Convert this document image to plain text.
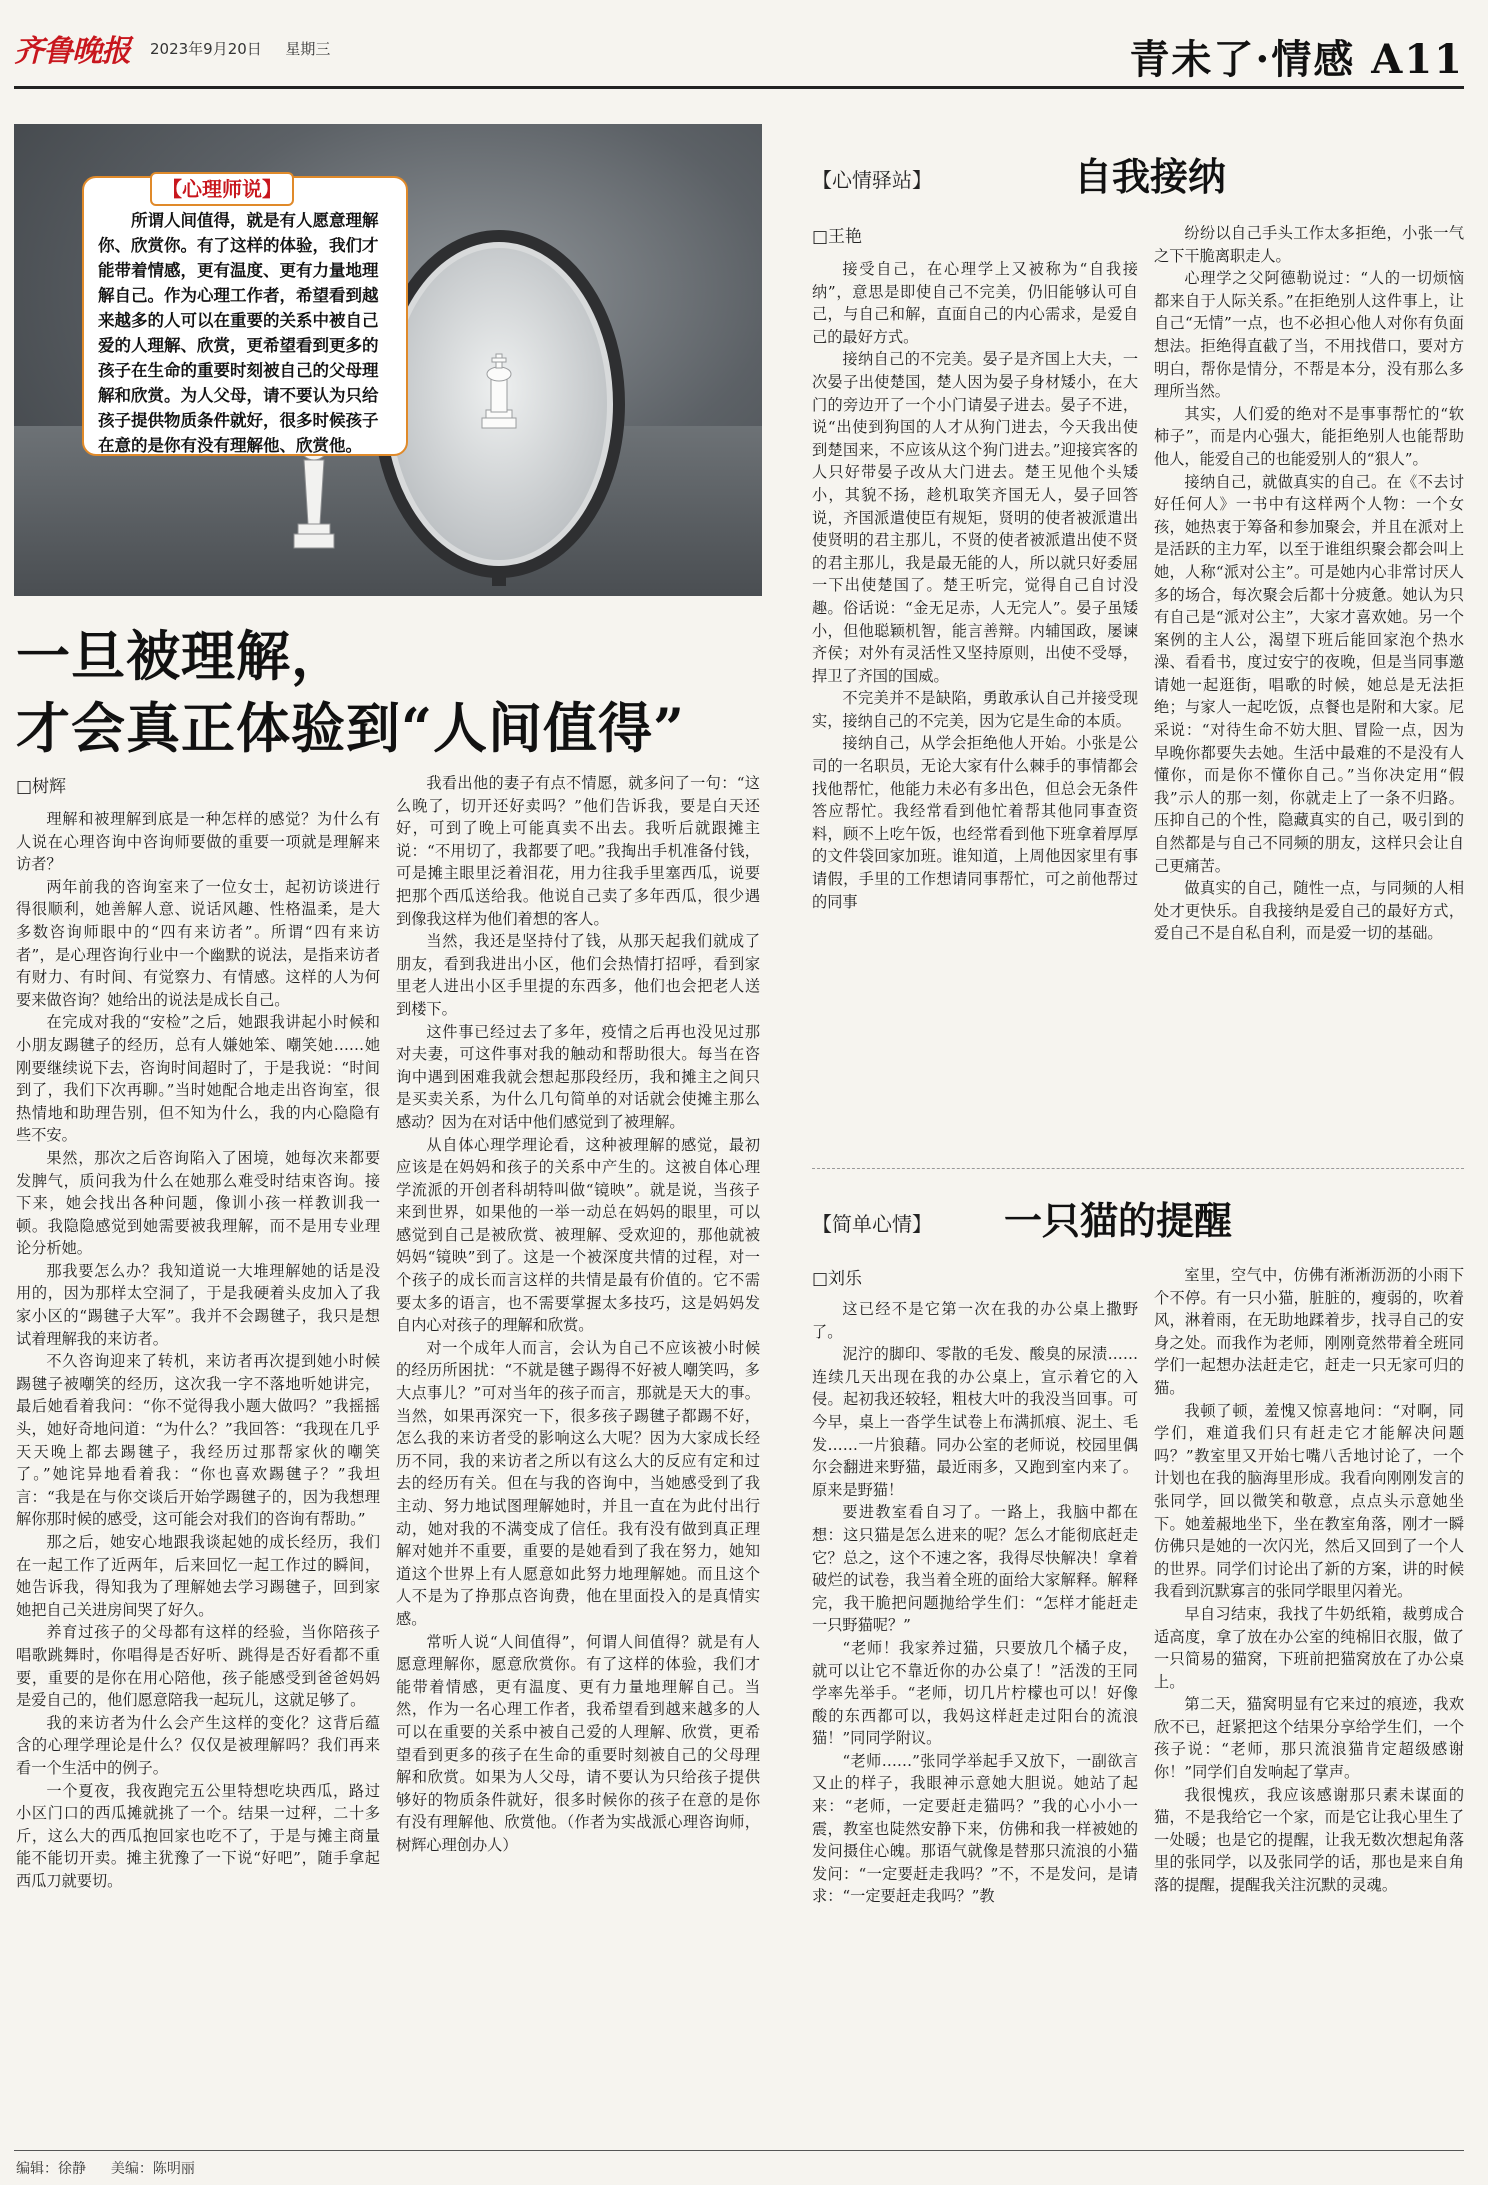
齐鲁晚报 2023年9月20日 星期三	青未了·情感 A11
所谓人间值得，就是有人愿意理解你、欣赏你。有了这样的体验，我们才能带着情感，更有温度、更有力量地理解自己。作为心理工作者，希望看到越来越多的人可以在重要的关系中被自己爱的人理解、欣赏，更希望看到更多的孩子在生命的重要时刻被自己的父母理解和欣赏。为人父母，请不要认为只给孩子提供物质条件就好，很多时候孩子在意的是你有没有理解他、欣赏他。
【心理师说】
一旦被理解，
才会真正体验到“人间值得”
□树辉

理解和被理解到底是一种怎样的感觉？为什么有人说在心理咨询中咨询师要做的重要一项就是理解来访者？

两年前我的咨询室来了一位女士，起初访谈进行得很顺利，她善解人意、说话风趣、性格温柔，是大多数咨询师眼中的“四有来访者”。所谓“四有来访者”，是心理咨询行业中一个幽默的说法，是指来访者有财力、有时间、有觉察力、有情感。这样的人为何要来做咨询？她给出的说法是成长自己。

在完成对我的“安检”之后，她跟我讲起小时候和小朋友踢毽子的经历，总有人嫌她笨、嘲笑她……她刚要继续说下去，咨询时间超时了，于是我说：“时间到了，我们下次再聊。”当时她配合地走出咨询室，很热情地和助理告别，但不知为什么，我的内心隐隐有些不安。

果然，那次之后咨询陷入了困境，她每次来都要发脾气，质问我为什么在她那么难受时结束咨询。接下来，她会找出各种问题，像训小孩一样教训我一顿。我隐隐感觉到她需要被我理解，而不是用专业理论分析她。

那我要怎么办？我知道说一大堆理解她的话是没用的，因为那样太空洞了，于是我硬着头皮加入了我家小区的“踢毽子大军”。我并不会踢毽子，我只是想试着理解我的来访者。

不久咨询迎来了转机，来访者再次提到她小时候踢毽子被嘲笑的经历，这次我一字不落地听她讲完，最后她看着我问：“你不觉得我小题大做吗？”我摇摇头，她好奇地问道：“为什么？”我回答：“我现在几乎天天晚上都去踢毽子，我经历过那帮家伙的嘲笑了。”她诧异地看着我：“你也喜欢踢毽子？”我坦言：“我是在与你交谈后开始学踢毽子的，因为我想理解你那时候的感受，这可能会对我们的咨询有帮助。”

那之后，她安心地跟我谈起她的成长经历，我们在一起工作了近两年，后来回忆一起工作过的瞬间，她告诉我，得知我为了理解她去学习踢毽子，回到家她把自己关进房间哭了好久。

养育过孩子的父母都有这样的经验，当你陪孩子唱歌跳舞时，你唱得是否好听、跳得是否好看都不重要，重要的是你在用心陪他，孩子能感受到爸爸妈妈是爱自己的，他们愿意陪我一起玩儿，这就足够了。

我的来访者为什么会产生这样的变化？这背后蕴含的心理学理论是什么？仅仅是被理解吗？我们再来看一个生活中的例子。

一个夏夜，我夜跑完五公里特想吃块西瓜，路过小区门口的西瓜摊就挑了一个。结果一过秤，二十多斤，这么大的西瓜抱回家也吃不了，于是与摊主商量能不能切开卖。摊主犹豫了一下说“好吧”，随手拿起西瓜刀就要切。

我看出他的妻子有点不情愿，就多问了一句：“这么晚了，切开还好卖吗？”他们告诉我，要是白天还好，可到了晚上可能真卖不出去。我听后就跟摊主说：“不用切了，我都要了吧。”我掏出手机准备付钱，可是摊主眼里泛着泪花，用力往我手里塞西瓜，说要把那个西瓜送给我。他说自己卖了多年西瓜，很少遇到像我这样为他们着想的客人。

当然，我还是坚持付了钱，从那天起我们就成了朋友，看到我进出小区，他们会热情打招呼，看到家里老人进出小区手里提的东西多，他们也会把老人送到楼下。

这件事已经过去了多年，疫情之后再也没见过那对夫妻，可这件事对我的触动和帮助很大。每当在咨询中遇到困难我就会想起那段经历，我和摊主之间只是买卖关系，为什么几句简单的对话就会使摊主那么感动？因为在对话中他们感觉到了被理解。

从自体心理学理论看，这种被理解的感觉，最初应该是在妈妈和孩子的关系中产生的。这被自体心理学流派的开创者科胡特叫做“镜映”。就是说，当孩子来到世界，如果他的一举一动总在妈妈的眼里，可以感觉到自己是被欣赏、被理解、受欢迎的，那他就被妈妈“镜映”到了。这是一个被深度共情的过程，对一个孩子的成长而言这样的共情是最有价值的。它不需要太多的语言，也不需要掌握太多技巧，这是妈妈发自内心对孩子的理解和欣赏。

对一个成年人而言，会认为自己不应该被小时候的经历所困扰：“不就是毽子踢得不好被人嘲笑吗，多大点事儿？”可对当年的孩子而言，那就是天大的事。当然，如果再深究一下，很多孩子踢毽子都踢不好，怎么我的来访者受的影响这么大呢？因为大家成长经历不同，我的来访者之所以有这么大的反应有定和过去的经历有关。但在与我的咨询中，当她感受到了我主动、努力地试图理解她时，并且一直在为此付出行动，她对我的不满变成了信任。我有没有做到真正理解对她并不重要，重要的是她看到了我在努力，她知道这个世界上有人愿意如此努力地理解她。而且这个人不是为了挣那点咨询费，他在里面投入的是真情实感。

常听人说“人间值得”，何谓人间值得？就是有人愿意理解你，愿意欣赏你。有了这样的体验，我们才能带着情感，更有温度、更有力量地理解自己。当然，作为一名心理工作者，我希望看到越来越多的人可以在重要的关系中被自己爱的人理解、欣赏，更希望看到更多的孩子在生命的重要时刻被自己的父母理解和欣赏。如果为人父母，请不要认为只给孩子提供够好的物质条件就好，很多时候你的孩子在意的是你有没有理解他、欣赏他。（作者为实战派心理咨询师，树辉心理创办人）

【心情驿站】	自我接纳
□王艳

接受自己，在心理学上又被称为“自我接纳”，意思是即使自己不完美，仍旧能够认可自己，与自己和解，直面自己的内心需求，是爱自己的最好方式。

接纳自己的不完美。晏子是齐国上大夫，一次晏子出使楚国，楚人因为晏子身材矮小，在大门的旁边开了一个小门请晏子进去。晏子不进，说“出使到狗国的人才从狗门进去，今天我出使到楚国来，不应该从这个狗门进去。”迎接宾客的人只好带晏子改从大门进去。楚王见他个头矮小，其貌不扬，趁机取笑齐国无人，晏子回答说，齐国派遣使臣有规矩，贤明的使者被派遣出使贤明的君主那儿，不贤的使者被派遣出使不贤的君主那儿，我是最无能的人，所以就只好委屈一下出使楚国了。楚王听完，觉得自己自讨没趣。俗话说：“金无足赤，人无完人”。晏子虽矮小，但他聪颖机智，能言善辩。内辅国政，屡谏齐侯；对外有灵活性又坚持原则，出使不受辱，捍卫了齐国的国威。

不完美并不是缺陷，勇敢承认自己并接受现实，接纳自己的不完美，因为它是生命的本质。

接纳自己，从学会拒绝他人开始。小张是公司的一名职员，无论大家有什么棘手的事情都会找他帮忙，他能力未必有多出色，但总会无条件答应帮忙。我经常看到他忙着帮其他同事查资料，顾不上吃午饭，也经常看到他下班拿着厚厚的文件袋回家加班。谁知道，上周他因家里有事请假，手里的工作想请同事帮忙，可之前他帮过的同事

纷纷以自己手头工作太多拒绝，小张一气之下干脆离职走人。

心理学之父阿德勒说过：“人的一切烦恼都来自于人际关系。”在拒绝别人这件事上，让自己“无情”一点，也不必担心他人对你有负面想法。拒绝得直截了当，不用找借口，要对方明白，帮你是情分，不帮是本分，没有那么多理所当然。

其实，人们爱的绝对不是事事帮忙的“软柿子”，而是内心强大，能拒绝别人也能帮助他人，能爱自己的也能爱别人的“狠人”。

接纳自己，就做真实的自己。在《不去讨好任何人》一书中有这样两个人物：一个女孩，她热衷于筹备和参加聚会，并且在派对上是活跃的主力军，以至于谁组织聚会都会叫上她，人称“派对公主”。可是她内心非常讨厌人多的场合，每次聚会后都十分疲惫。她认为只有自己是“派对公主”，大家才喜欢她。另一个案例的主人公，渴望下班后能回家泡个热水澡、看看书，度过安宁的夜晚，但是当同事邀请她一起逛街，唱歌的时候，她总是无法拒绝；与家人一起吃饭，点餐也是附和大家。尼采说：“对待生命不妨大胆、冒险一点，因为早晚你都要失去她。生活中最难的不是没有人懂你，而是你不懂你自己。”当你决定用“假我”示人的那一刻，你就走上了一条不归路。压抑自己的个性，隐藏真实的自己，吸引到的自然都是与自己不同频的朋友，这样只会让自己更痛苦。

做真实的自己，随性一点，与同频的人相处才更快乐。自我接纳是爱自己的最好方式，爱自己不是自私自利，而是爱一切的基础。

【简单心情】 一只猫的提醒
□刘乐

这已经不是它第一次在我的办公桌上撒野了。

泥泞的脚印、零散的毛发、酸臭的尿渍……连续几天出现在我的办公桌上，宣示着它的入侵。起初我还较轻，粗枝大叶的我没当回事。可今早，桌上一沓学生试卷上布满抓痕、泥土、毛发……一片狼藉。同办公室的老师说，校园里偶尔会翻进来野猫，最近雨多，又跑到室内来了。原来是野猫！

要进教室看自习了。一路上，我脑中都在想：这只猫是怎么进来的呢？怎么才能彻底赶走它？总之，这个不速之客，我得尽快解决！拿着破烂的试卷，我当着全班的面给大家解释。解释完，我干脆把问题抛给学生们：“怎样才能赶走一只野猫呢？”

“老师！我家养过猫，只要放几个橘子皮，就可以让它不靠近你的办公桌了！”活泼的王同学率先举手。“老师，切几片柠檬也可以！好像酸的东西都可以，我妈这样赶走过阳台的流浪猫！”同同学附议。

“老师……”张同学举起手又放下，一副欲言又止的样子，我眼神示意她大胆说。她站了起来：“老师，一定要赶走猫吗？”我的心小小一震，教室也陡然安静下来，仿佛和我一样被她的发问摄住心魄。那语气就像是替那只流浪的小猫发问：“一定要赶走我吗？”不，不是发问，是请求：“一定要赶走我吗？”教

室里，空气中，仿佛有淅淅沥沥的小雨下个不停。有一只小猫，脏脏的，瘦弱的，吹着风，淋着雨，在无助地蹂着步，找寻自己的安身之处。而我作为老师，刚刚竟然带着全班同学们一起想办法赶走它，赶走一只无家可归的猫。

我顿了顿，羞愧又惊喜地问：“对啊，同学们，难道我们只有赶走它才能解决问题吗？”教室里又开始七嘴八舌地讨论了，一个计划也在我的脑海里形成。我看向刚刚发言的张同学，回以微笑和敬意，点点头示意她坐下。她羞赧地坐下，坐在教室角落，刚才一瞬仿佛只是她的一次闪光，然后又回到了一个人的世界。同学们讨论出了新的方案，讲的时候我看到沉默寡言的张同学眼里闪着光。

早自习结束，我找了牛奶纸箱，裁剪成合适高度，拿了放在办公室的纯棉旧衣服，做了一只简易的猫窝，下班前把猫窝放在了办公桌上。

第二天，猫窝明显有它来过的痕迹，我欢欣不已，赶紧把这个结果分享给学生们，一个孩子说：“老师，那只流浪猫肯定超级感谢你！”同学们自发响起了掌声。

我很愧疚，我应该感谢那只素未谋面的猫，不是我给它一个家，而是它让我心里生了一处暖；也是它的提醒，让我无数次想起角落里的张同学，以及张同学的话，那也是来自角落的提醒，提醒我关注沉默的灵魂。

编辑：徐静 美编：陈明丽
